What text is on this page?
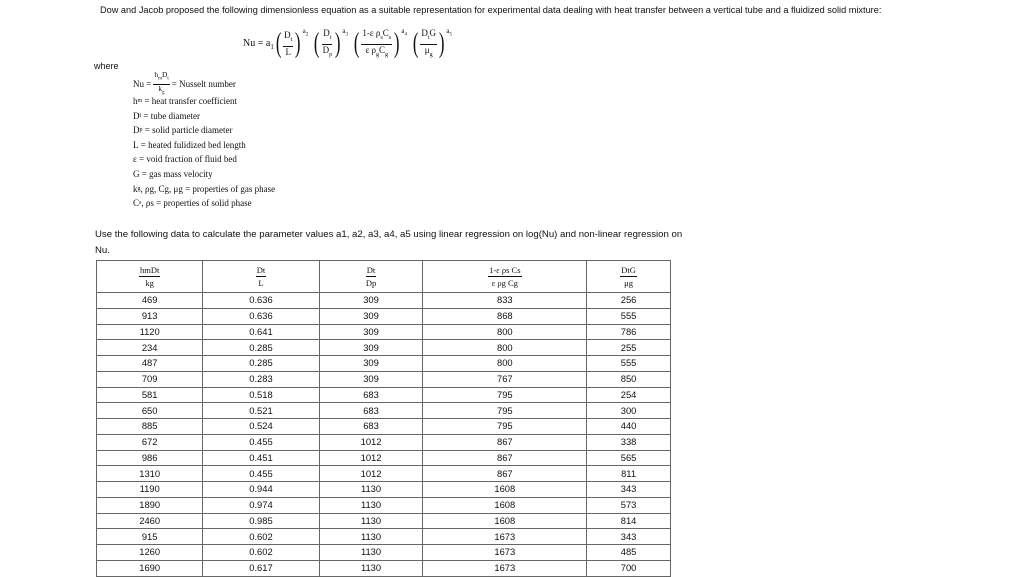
Dow and Jacob proposed the following dimensionless equation as a suitable representation for experimental data dealing with heat transfer between a vertical tube and a fluidized solid mixture:
$Nu = a_1$ ( $\frac{D_t}{L}$ ) $a_2$ ( $\frac{D_t}{D_p}$ ) $a_3$ ( $\frac{1-\varepsilon \rho_sC_s}{\varepsilon \rho_gC_g}$ ) $a_4$ ( $\frac{D_tG}{\mu_g}$ ) $a_5$
where
$Nu = \frac{h_mD_t}{k_g}$ = Nusselt number
h m = heat transfer coefficient
D t = tube diameter
D p = solid particle diameter
L = heated fulidized bed length
ε = void fraction of fluid bed
G = gas mass velocity
k g , ρg, Cg, μg = properties of gas phase
C s , ρs = properties of solid phase
Use the following data to calculate the parameter values a1, a2, a3, a4, a5 using linear regression on log(Nu) and non-linear regression on Nu.
$\frac{\text{hmDt}}{kg}$	$\frac{Dt}{L}$	$\frac{Dt}{Dp}$	$\frac{\text{1-ε ρs Cs}}{\text{ε ρg Cg}}$	$\frac{\text{DtG}}{\mu g}$

469	0.636	309	833	256
913	0.636	309	868	555
1120	0.641	309	800	786
234	0.285	309	800	255
487	0.285	309	800	555
709	0.283	309	767	850
581	0.518	683	795	254
650	0.521	683	795	300
885	0.524	683	795	440
672	0.455	1012	867	338
986	0.451	1012	867	565
1310	0.455	1012	867	811
1190	0.944	1130	1608	343
1890	0.974	1130	1608	573
2460	0.985	1130	1608	814
915	0.602	1130	1673	343
1260	0.602	1130	1673	485
1690	0.617	1130	1673	700
